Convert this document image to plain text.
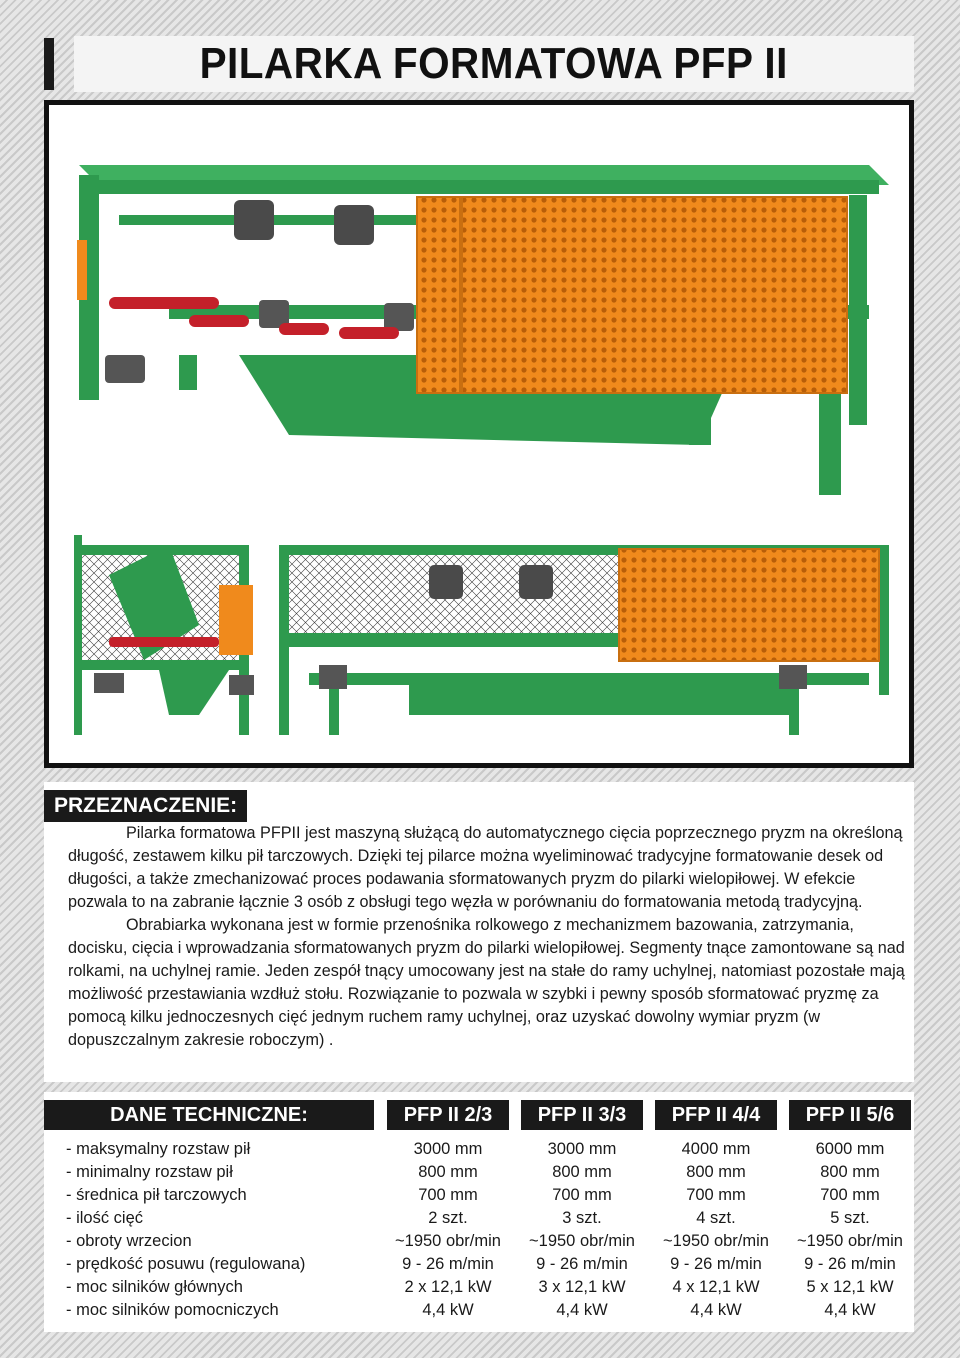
PILARKA FORMATOWA PFP II
PRZEZNACZENIE:

Pilarka formatowa PFPII jest maszyną służącą do automatycznego cięcia poprzecznego pryzm na określoną długość, zestawem kilku pił tarczowych. Dzięki tej pilarce można wyeliminować tradycyjne formatowanie desek od długości, a także zmechanizować proces podawania sformatowanych pryzm do pilarki wielopiłowej. W efekcie pozwala to na zabranie łącznie 3 osób z obsługi tego węzła w porównaniu do formatowania metodą tradycyjną.

Obrabiarka wykonana jest w formie przenośnika rolkowego z mechanizmem bazowania, zatrzymania, docisku, cięcia i wprowadzania sformatowanych pryzm do pilarki wielopiłowej. Segmenty tnące zamontowane są nad rolkami, na uchylnej ramie. Jeden zespół tnący umocowany jest na stałe do ramy uchylnej, natomiast pozostałe mają możliwość przestawiania wzdłuż stołu. Rozwiązanie to pozwala w szybki i pewny sposób sformatować pryzmę za pomocą kilku jednoczesnych cięć jednym ruchem ramy uchylnej, oraz uzyskać dowolny wymiar pryzm (w dopuszczalnym zakresie roboczym) .

DANE TECHNICZNE:	PFP II 2/3	PFP II 3/3	PFP II 4/4	PFP II 5/6
- maksymalny rozstaw pił	3000 mm	3000 mm	4000 mm	6000 mm
- minimalny rozstaw pił	800 mm	800 mm	800 mm	800 mm
- średnica pił tarczowych	700 mm	700 mm	700 mm	700 mm
- ilość cięć	2 szt.	3 szt.	4 szt.	5 szt.
- obroty wrzecion	~1950 obr/min	~1950 obr/min	~1950 obr/min	~1950 obr/min
- prędkość posuwu (regulowana)	9 - 26 m/min	9 - 26 m/min	9 - 26 m/min	9 - 26 m/min
- moc silników głównych	2 x 12,1 kW	3 x 12,1 kW	4 x 12,1 kW	5 x 12,1 kW
- moc silników pomocniczych	4,4 kW	4,4 kW	4,4 kW	4,4 kW
